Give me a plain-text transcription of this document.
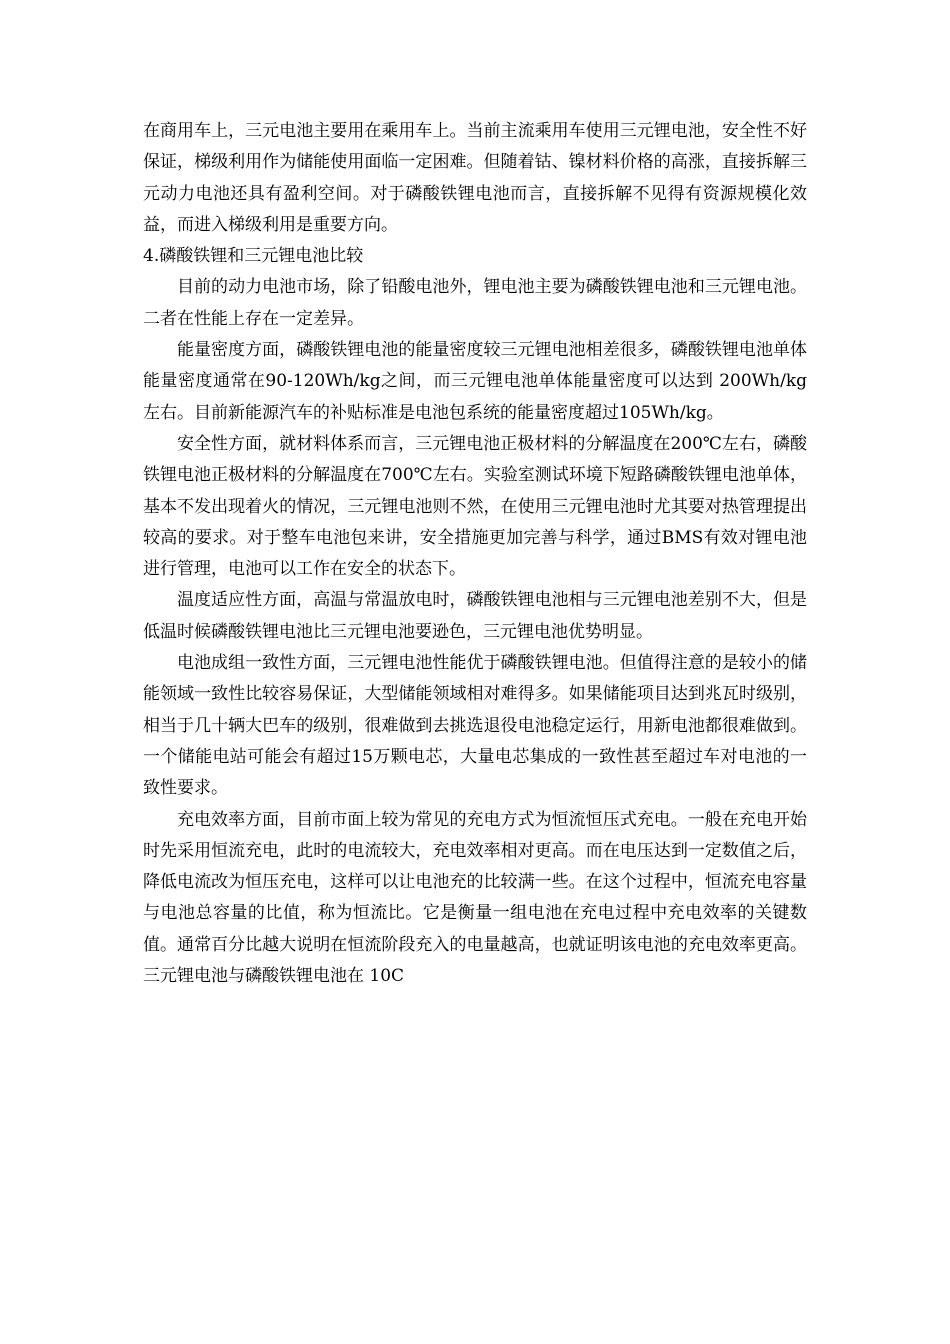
在商用车上，三元电池主要用在乘用车上。当前主流乘用车使用三元锂电池，安全性不好保证，梯级利用作为储能使用面临一定困难。但随着钴、镍材料价格的高涨，直接拆解三元动力电池还具有盈利空间。对于磷酸铁锂电池而言，直接拆解不见得有资源规模化效益，而进入梯级利用是重要方向。

4.磷酸铁锂和三元锂电池比较

目前的动力电池市场，除了铅酸电池外，锂电池主要为磷酸铁锂电池和三元锂电池。二者在性能上存在一定差异。

能量密度方面，磷酸铁锂电池的能量密度较三元锂电池相差很多，磷酸铁锂电池单体能量密度通常在90-120Wh/kg之间，而三元锂电池单体能量密度可以达到 200Wh/kg 左右。目前新能源汽车的补贴标准是电池包系统的能量密度超过105Wh/kg。

安全性方面，就材料体系而言，三元锂电池正极材料的分解温度在200℃左右，磷酸铁锂电池正极材料的分解温度在700℃左右。实验室测试环境下短路磷酸铁锂电池单体，基本不发出现着火的情况，三元锂电池则不然，在使用三元锂电池时尤其要对热管理提出较高的要求。对于整车电池包来讲，安全措施更加完善与科学，通过BMS有效对锂电池进行管理，电池可以工作在安全的状态下。

温度适应性方面，高温与常温放电时，磷酸铁锂电池相与三元锂电池差别不大，但是低温时候磷酸铁锂电池比三元锂电池要逊色，三元锂电池优势明显。

电池成组一致性方面，三元锂电池性能优于磷酸铁锂电池。但值得注意的是较小的储能领域一致性比较容易保证，大型储能领域相对难得多。如果储能项目达到兆瓦时级别，相当于几十辆大巴车的级别，很难做到去挑选退役电池稳定运行，用新电池都很难做到。一个储能电站可能会有超过15万颗电芯，大量电芯集成的一致性甚至超过车对电池的一致性要求。

充电效率方面，目前市面上较为常见的充电方式为恒流恒压式充电。一般在充电开始时先采用恒流充电，此时的电流较大，充电效率相对更高。而在电压达到一定数值之后，降低电流改为恒压充电，这样可以让电池充的比较满一些。在这个过程中，恒流充电容量与电池总容量的比值，称为恒流比。它是衡量一组电池在充电过程中充电效率的关键数值。通常百分比越大说明在恒流阶段充入的电量越高，也就证明该电池的充电效率更高。三元锂电池与磷酸铁锂电池在 10C
